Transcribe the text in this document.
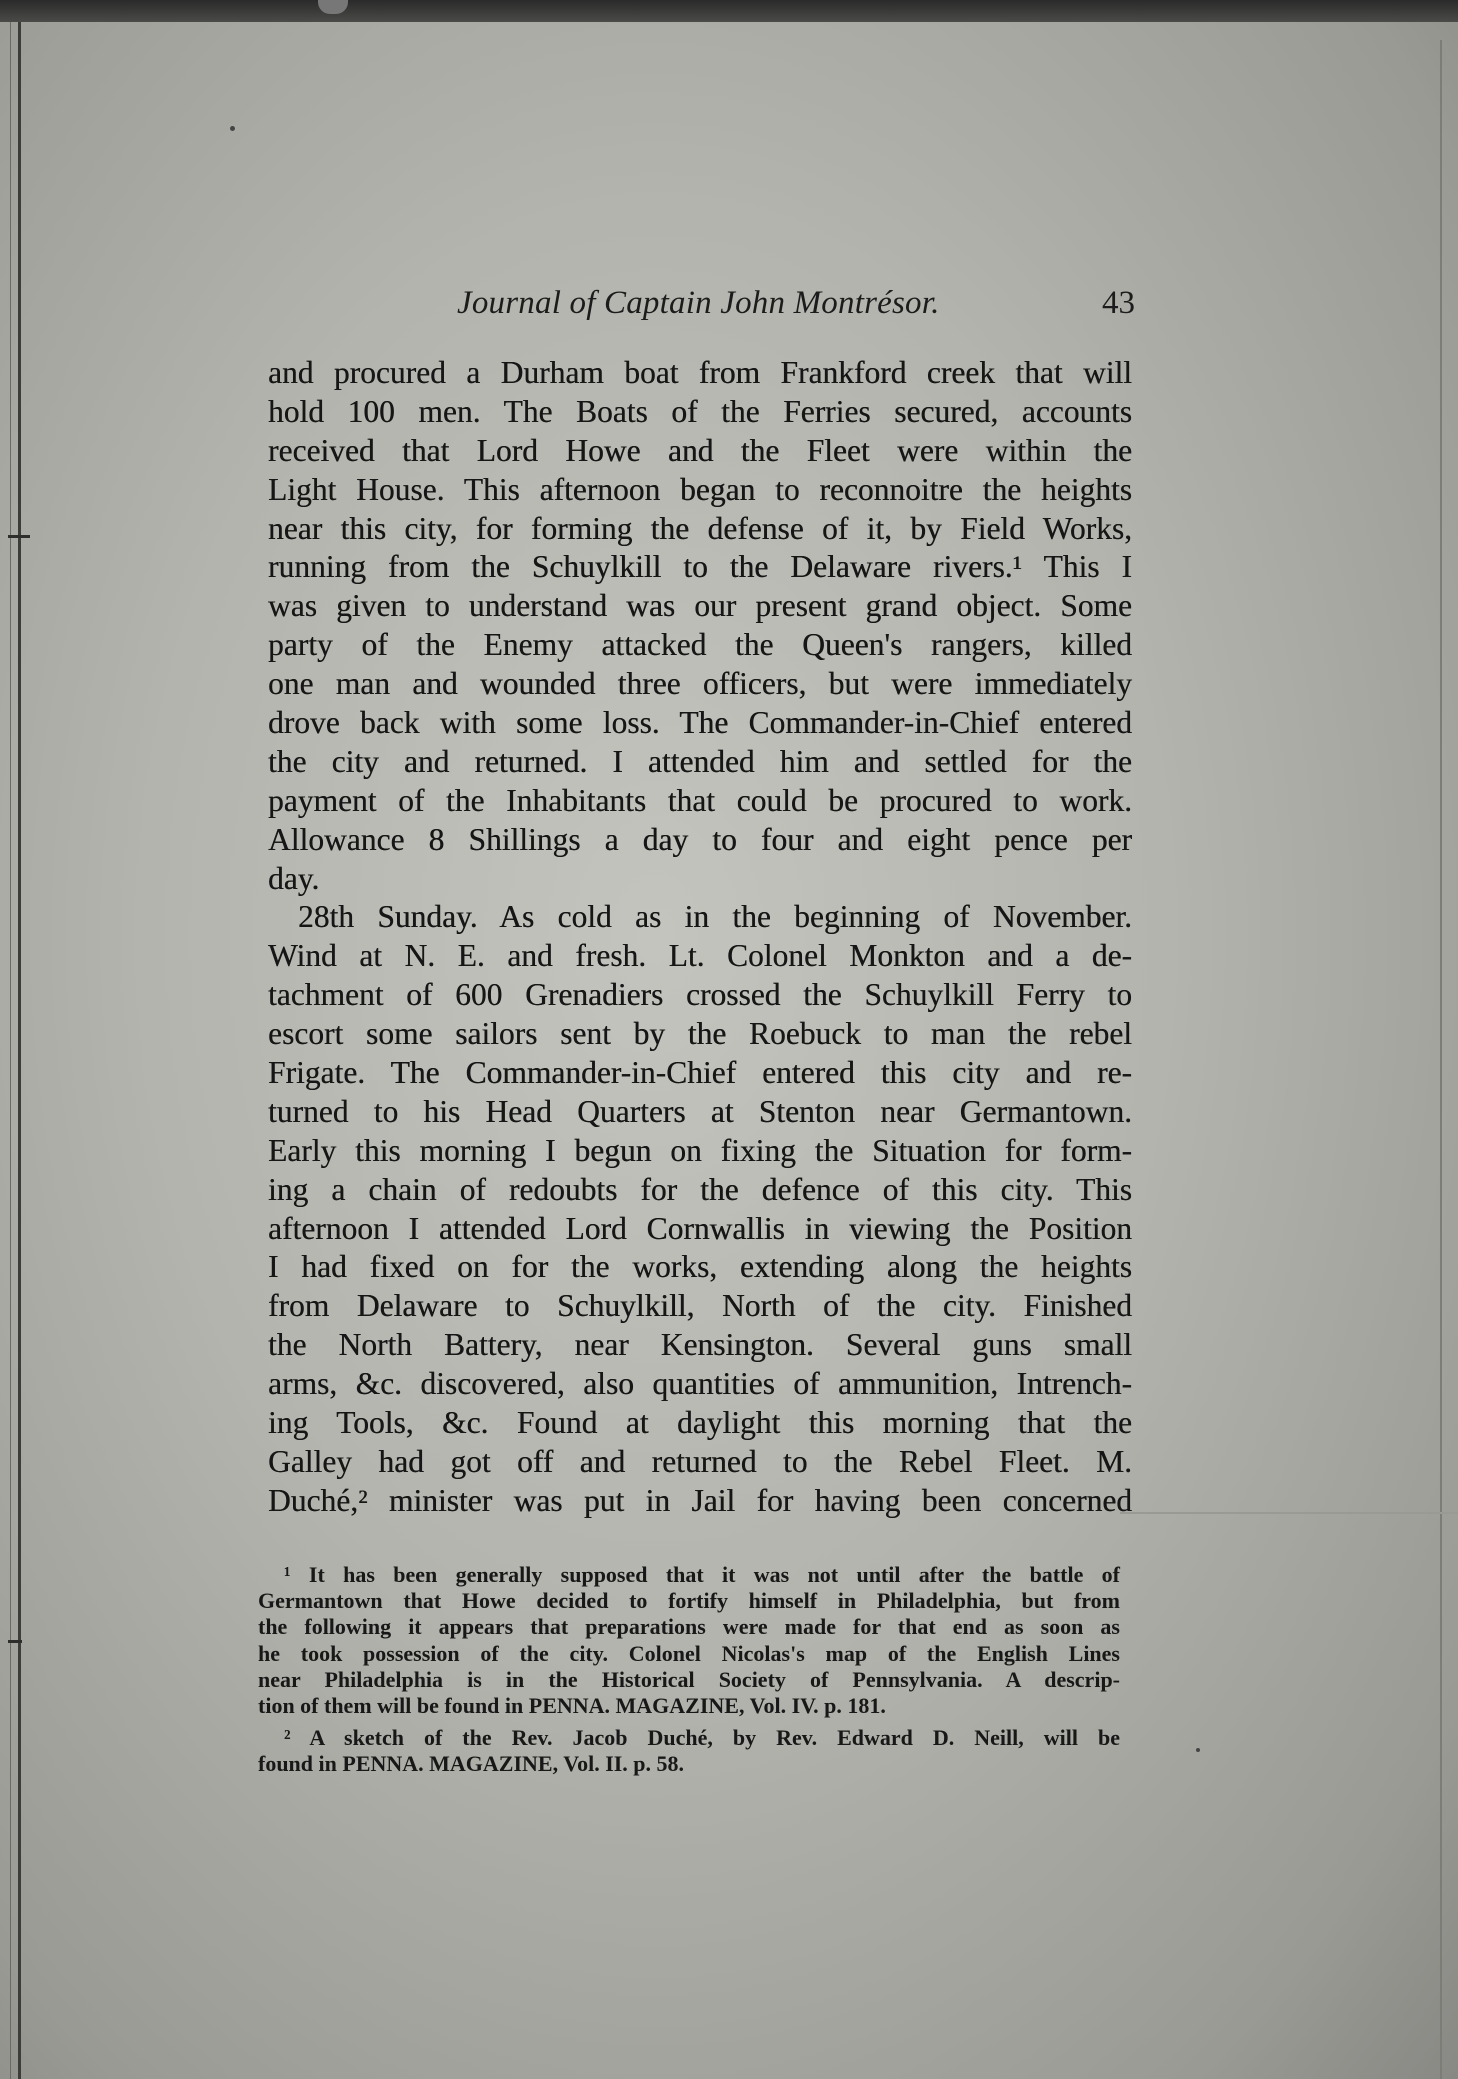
Journal of Captain John Montrésor.	43
and procured a Durham boat from Frankford creek that will
hold 100 men. The Boats of the Ferries secured, accounts
received that Lord Howe and the Fleet were within the
Light House. This afternoon began to reconnoitre the heights
near this city, for forming the defense of it, by Field Works,
running from the Schuylkill to the Delaware rivers.¹ This I
was given to understand was our present grand object. Some
party of the Enemy attacked the Queen's rangers, killed
one man and wounded three officers, but were immediately
drove back with some loss. The Commander-in-Chief entered
the city and returned. I attended him and settled for the
payment of the Inhabitants that could be procured to work.
Allowance 8 Shillings a day to four and eight pence per
day.
28th Sunday. As cold as in the beginning of November.
Wind at N. E. and fresh. Lt. Colonel Monkton and a de-
tachment of 600 Grenadiers crossed the Schuylkill Ferry to
escort some sailors sent by the Roebuck to man the rebel
Frigate. The Commander-in-Chief entered this city and re-
turned to his Head Quarters at Stenton near Germantown.
Early this morning I begun on fixing the Situation for form-
ing a chain of redoubts for the defence of this city. This
afternoon I attended Lord Cornwallis in viewing the Position
I had fixed on for the works, extending along the heights
from Delaware to Schuylkill, North of the city. Finished
the North Battery, near Kensington. Several guns small
arms, &c. discovered, also quantities of ammunition, Intrench-
ing Tools, &c. Found at daylight this morning that the
Galley had got off and returned to the Rebel Fleet. M.
Duché,² minister was put in Jail for having been concerned
¹ It has been generally supposed that it was not until after the battle of
Germantown that Howe decided to fortify himself in Philadelphia, but from
the following it appears that preparations were made for that end as soon as
he took possession of the city. Colonel Nicolas's map of the English Lines
near Philadelphia is in the Historical Society of Pennsylvania. A descrip-
tion of them will be found in PENNA. MAGAZINE, Vol. IV. p. 181.
² A sketch of the Rev. Jacob Duché, by Rev. Edward D. Neill, will be
found in PENNA. MAGAZINE, Vol. II. p. 58.
